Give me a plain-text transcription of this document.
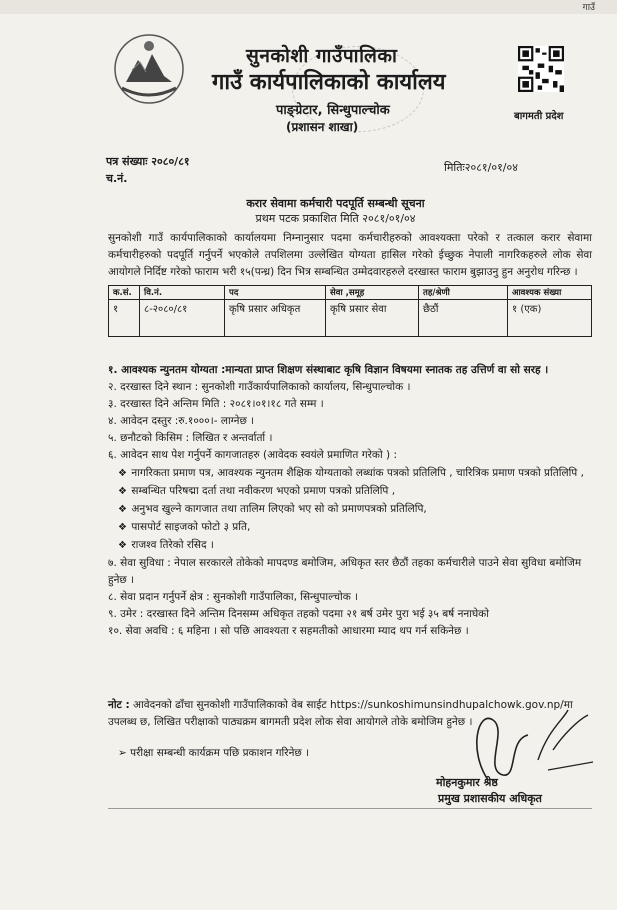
गाउँ
सुनकोशी गाउँपालिका
गाउँ कार्यपालिकाको कार्यालय
पाङ्ग्रेटार, सिन्धुपाल्चोक
(प्रशासन शाखा)
बागमती प्रदेश
पत्र संख्याः २०८०/८१
च.नं.
मितिः२०८१/०१/०४
करार सेवामा कर्मचारी पदपूर्ति सम्बन्धी सूचना
प्रथम पटक प्रकाशित मिति २०८१/०१/०४
सुनकोशी गाउँ कार्यपालिकाको कार्यालयमा निम्नानुसार पदमा कर्मचारीहरुको आवश्यक्ता परेको र तत्काल करार सेवामा कर्मचारीहरुको पदपूर्ति गर्नुपर्ने भएकोले तपशिलमा उल्लेखित योग्यता हासिल गरेको ईच्छुक नेपाली नागरिकहरुले लोक सेवा आयोगले निर्दिष्ट गरेको फाराम भरी १५(पन्ध्र) दिन भित्र सम्बन्धित उम्मेदवारहरुले दरखास्त फाराम बुझाउनु हुन अनुरोध गरिन्छ ।
क.सं.	वि.नं.	पद	सेवा ,समूह	तह/श्रेणी	आवश्यक संख्या
१	८-२०८०/८१	कृषि प्रसार अधिकृत	कृषि प्रसार सेवा	छैठौं	१ (एक)

१. आवश्यक न्युनतम योग्यता :मान्यता प्राप्त शिक्षण संस्थाबाट कृषि विज्ञान विषयमा स्नातक तह उत्तिर्ण वा सो सरह ।

२. दरखास्त दिने स्थान : सुनकोशी गाउँकार्यपालिकाको कार्यालय, सिन्धुपाल्चोक ।

३. दरखास्त दिने अन्तिम मिति : २०८१।०१।१८ गते सम्म ।

४. आवेदन दस्तुर :रु.१०००।- लाग्नेछ ।

५. छनौटको किसिम : लिखित र अन्तर्वार्ता ।

६. आवेदन साथ पेश गर्नुपर्ने कागजातहरु (आवेदक स्वयंले प्रमाणित गरेको ) :

❖ नागरिकता प्रमाण पत्र, आवश्यक न्युनतम शैक्षिक योग्यताको लब्धांक पत्रको प्रतिलिपि , चारित्रिक प्रमाण पत्रको प्रतिलिपि ,
❖ सम्बन्धित परिषद्मा दर्ता तथा नवीकरण भएको प्रमाण पत्रको प्रतिलिपि ,
❖ अनुभव खुल्ने कागजात तथा तालिम लिएको भए सो को प्रमाणपत्रको प्रतिलिपि,
❖ पासपोर्ट साइजको फोटो ३ प्रति,
❖ राजश्व तिरेको रसिद ।

७. सेवा सुविधा : नेपाल सरकारले तोकेको मापदण्ड बमोजिम, अधिकृत स्तर छैठौं तहका कर्मचारीले पाउने सेवा सुविधा बमोजिम हुनेछ ।

८. सेवा प्रदान गर्नुपर्ने क्षेत्र : सुनकोशी गाउँपालिका, सिन्धुपाल्चोक ।

९. उमेर : दरखास्त दिने अन्तिम दिनसम्म अधिकृत तहको पदमा २१ बर्ष उमेर पुरा भई ३५ बर्ष ननाघेको

१०. सेवा अवधि : ६ महिना । सो पछि आवश्यता र सहमतीको आधारमा म्याद थप गर्न सकिनेछ ।

नोट : आवेदनको ढाँचा सुनकोशी गाउँपालिकाको वेब साईट https://sunkoshimunsindhupalchowk.gov.np/मा उपलब्ध छ, लिखित परीक्षाको पाठ्यक्रम बागमती प्रदेश लोक सेवा आयोगले तोके बमोजिम हुनेछ ।
➢ परीक्षा सम्बन्धी कार्यक्रम पछि प्रकाशन गरिनेछ ।
मोहनकुमार श्रेष्ठ
प्रमुख प्रशासकीय अधिकृत
